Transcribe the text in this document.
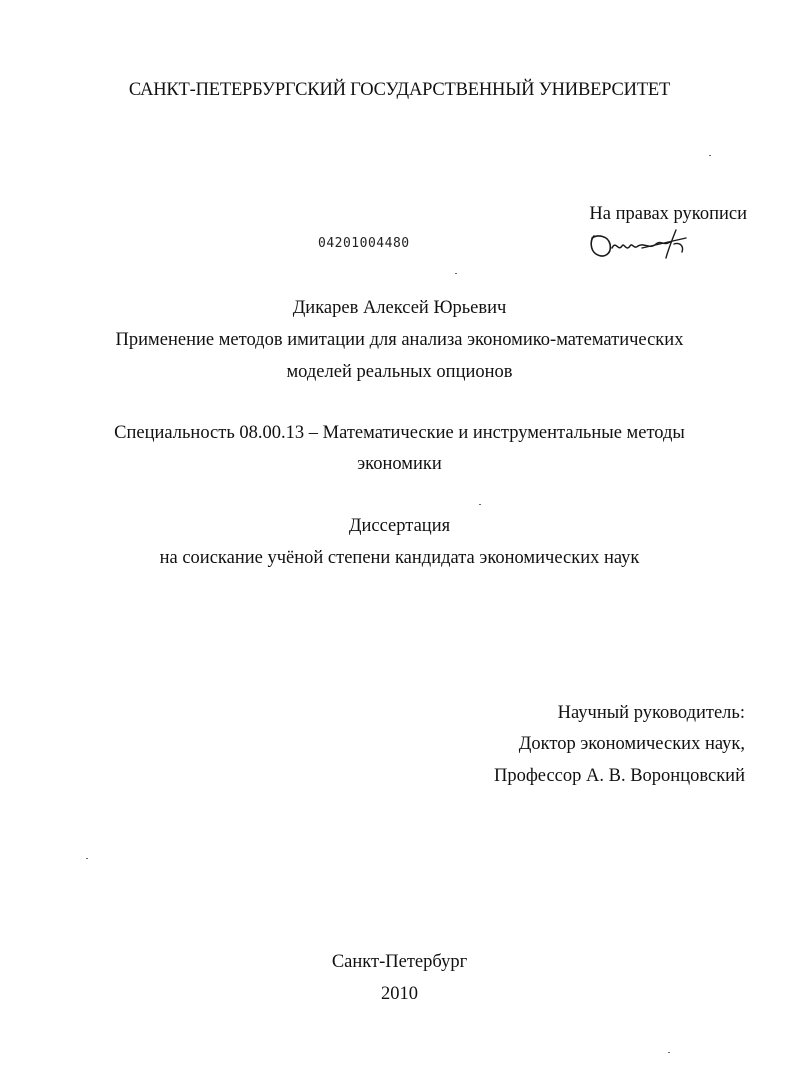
САНКТ-ПЕТЕРБУРГСКИЙ ГОСУДАРСТВЕННЫЙ УНИВЕРСИТЕТ
На правах рукописи
04201004480
Дикарев Алексей Юрьевич
Применение методов имитации для анализа экономико-математических
моделей реальных опционов
Специальность 08.00.13 – Математические и инструментальные методы
экономики
Диссертация
на соискание учёной степени кандидата экономических наук
Научный руководитель:
Доктор экономических наук,
Профессор А. В. Воронцовский
Санкт-Петербург
2010
